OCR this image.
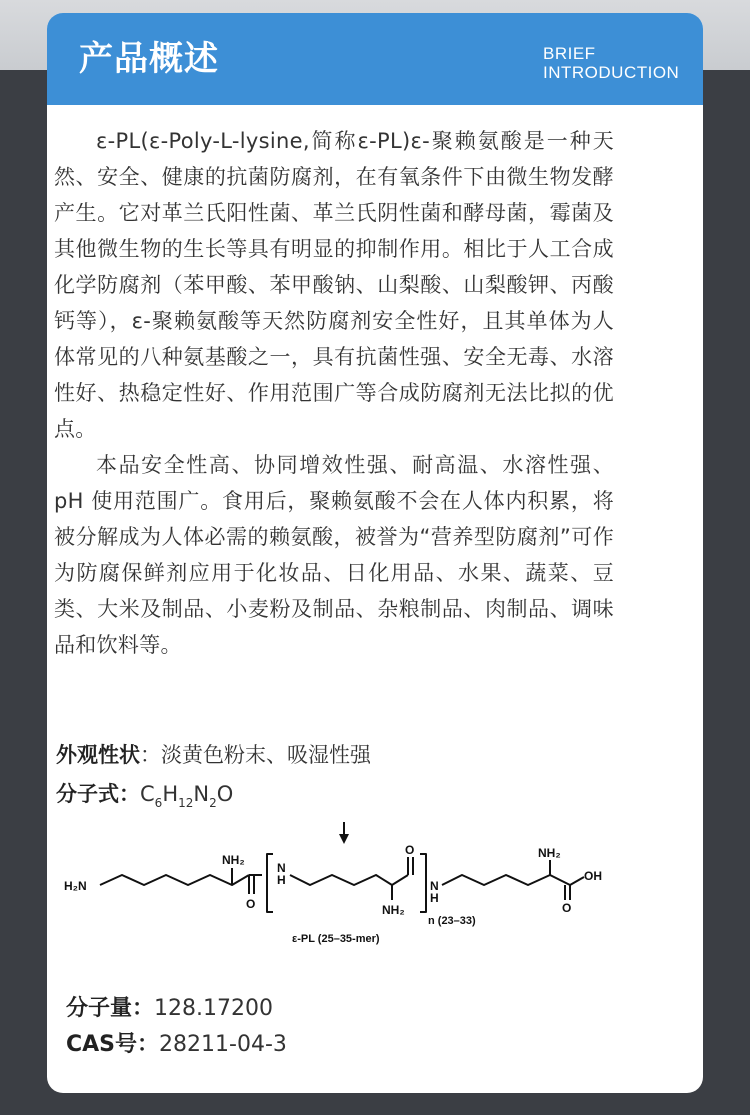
产品概述	BRIEF
INTRODUCTION

ε-PL(ε-Poly-L-lysine,简称ε-PL)ε-聚赖氨酸是一种天然、安全、健康的抗菌防腐剂，在有氧条件下由微生物发酵产生。它对革兰氏阳性菌、革兰氏阴性菌和酵母菌，霉菌及其他微生物的生长等具有明显的抑制作用。相比于人工合成化学防腐剂（苯甲酸、苯甲酸钠、山梨酸、山梨酸钾、丙酸钙等），ε-聚赖氨酸等天然防腐剂安全性好，且其单体为人体常见的八种氨基酸之一，具有抗菌性强、安全无毒、水溶性好、热稳定性好、作用范围广等合成防腐剂无法比拟的优点。

本品安全性高、协同增效性强、耐高温、水溶性强、pH 使用范围广。食用后，聚赖氨酸不会在人体内积累，将被分解成为人体必需的赖氨酸，被誉为“营养型防腐剂”可作为防腐保鲜剂应用于化妆品、日化用品、水果、蔬菜、豆类、大米及制品、小麦粉及制品、杂粮制品、肉制品、调味品和饮料等。

外观性状：淡黄色粉末、吸湿性强
分子式：$C_6H_{12}N_2O$
NH₂
H₂N
N
H
O
N
H
NH₂
O	NH₂
OH
O
n (23–33)
ε-PL (25–35-mer)
分子量：128.17200
CAS号：28211-04-3
